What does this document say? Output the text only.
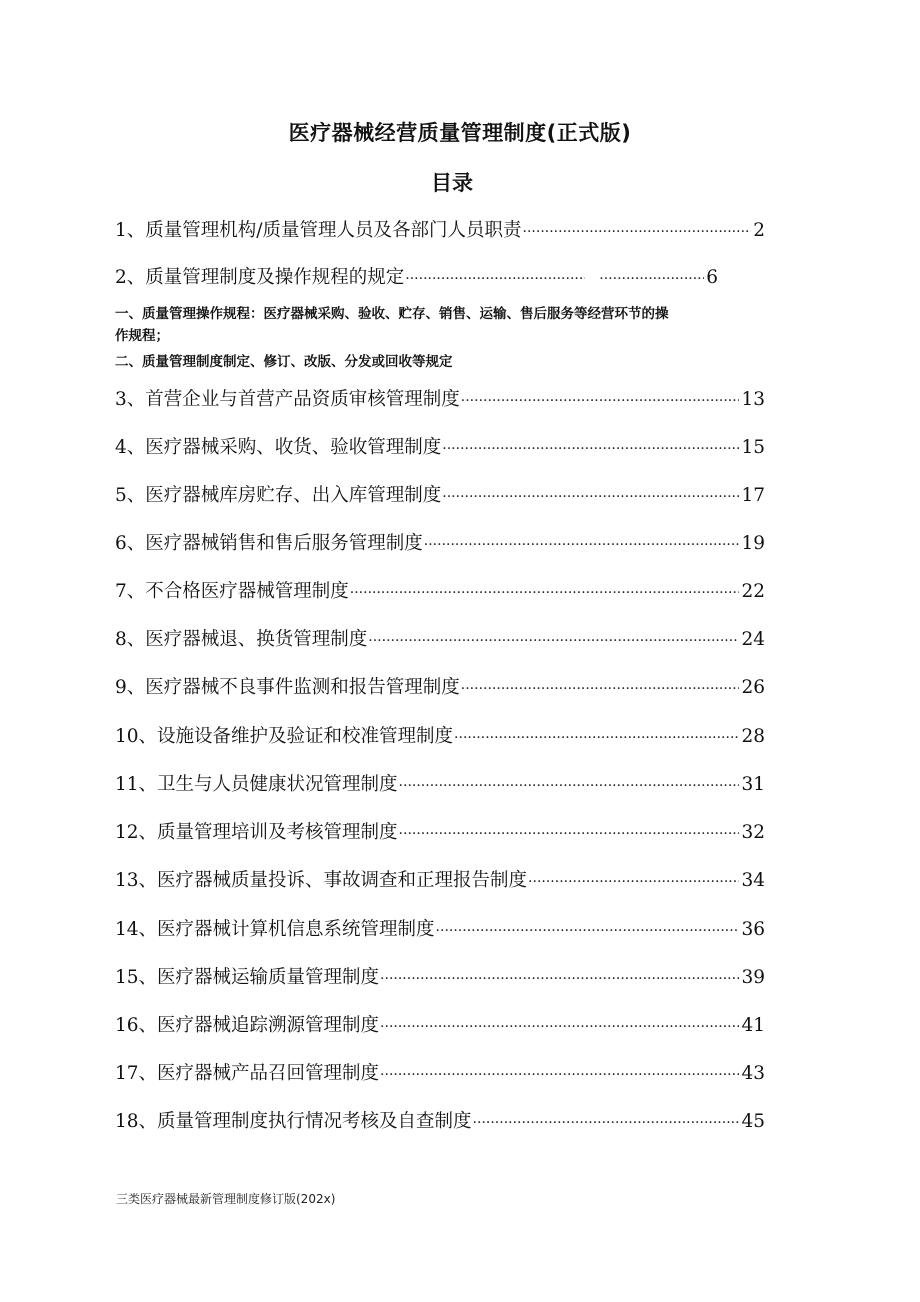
医疗器械经营质量管理制度(正式版)
目录
1、质量管理机构/质量管理人员及各部门人员职责 ·····	2
2、质量管理制度及操作规程的规定 ····· ·····	6
一、质量管理操作规程：医疗器械采购、验收、贮存、销售、运输、售后服务等经营环节的操
作规程；
二、质量管理制度制定、修订、改版、分发或回收等规定
3、首营企业与首营产品资质审核管理制度 ·····	13
4、医疗器械采购、收货、验收管理制度 ·····	15
5、医疗器械库房贮存、出入库管理制度 ·····	17
6、医疗器械销售和售后服务管理制度 ·····	19
7、不合格医疗器械管理制度 ·····	22
8、医疗器械退、换货管理制度 ·····	24
9、医疗器械不良事件监测和报告管理制度 ·····	26
10、设施设备维护及验证和校准管理制度 ·····	28
11、卫生与人员健康状况管理制度 ·····	31
12、质量管理培训及考核管理制度 ·····	32
13、医疗器械质量投诉、事故调查和正理报告制度 ·····	34
14、医疗器械计算机信息系统管理制度 ·····	36
15、医疗器械运输质量管理制度 ·····	39
16、医疗器械追踪溯源管理制度 ·····	41
17、医疗器械产品召回管理制度 ·····	43
18、质量管理制度执行情况考核及自查制度 ·····	45
三类医疗器械最新管理制度修订版(202x)
